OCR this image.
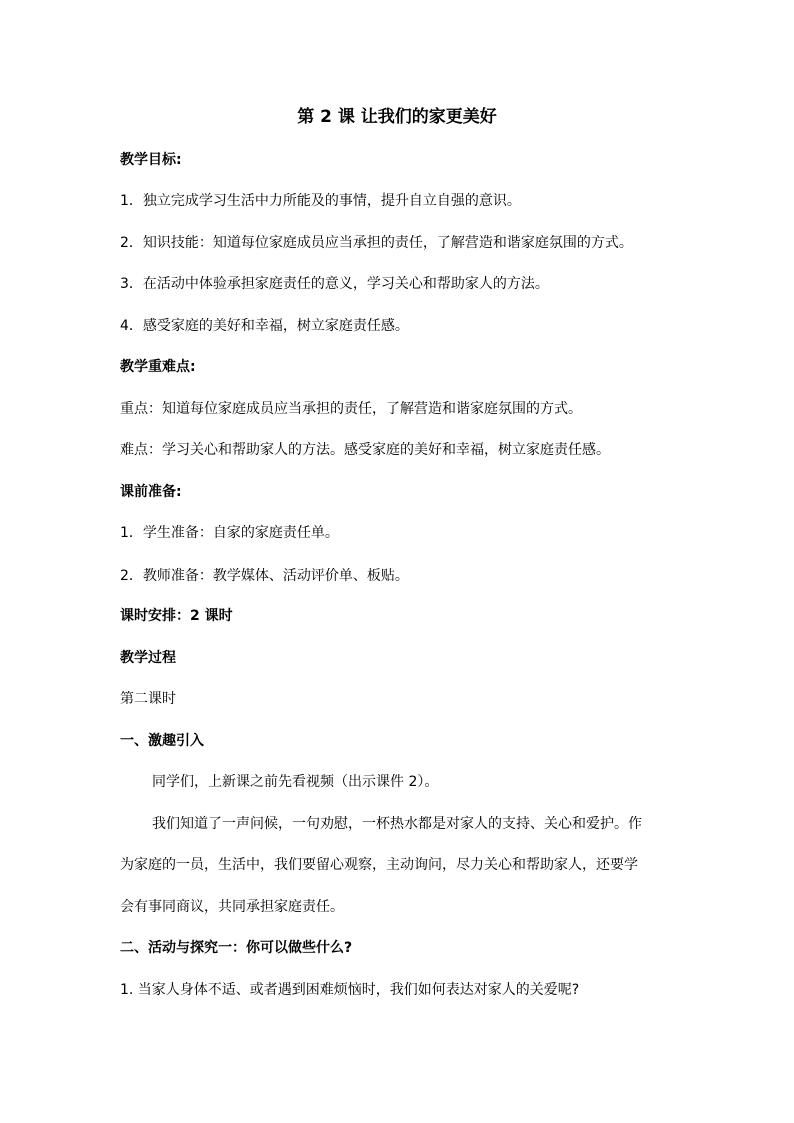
第 2 课 让我们的家更美好
教学目标:
1．独立完成学习生活中力所能及的事情，提升自立自强的意识。
2．知识技能：知道每位家庭成员应当承担的责任，了解营造和谐家庭氛围的方式。
3．在活动中体验承担家庭责任的意义，学习关心和帮助家人的方法。
4．感受家庭的美好和幸福，树立家庭责任感。
教学重难点:
重点：知道每位家庭成员应当承担的责任，了解营造和谐家庭氛围的方式。
难点：学习关心和帮助家人的方法。感受家庭的美好和幸福，树立家庭责任感。
课前准备:
1．学生准备：自家的家庭责任单。
2．教师准备：教学媒体、活动评价单、板贴。
课时安排：2 课时
教学过程
第二课时
一、激趣引入
同学们，上新课之前先看视频（出示课件 2）。
我们知道了一声问候，一句劝慰，一杯热水都是对家人的支持、关心和爱护。作
为家庭的一员，生活中，我们要留心观察，主动询问，尽力关心和帮助家人，还要学
会有事同商议，共同承担家庭责任。
二、活动与探究一：你可以做些什么?
1. 当家人身体不适、或者遇到困难烦恼时，我们如何表达对家人的关爱呢?
